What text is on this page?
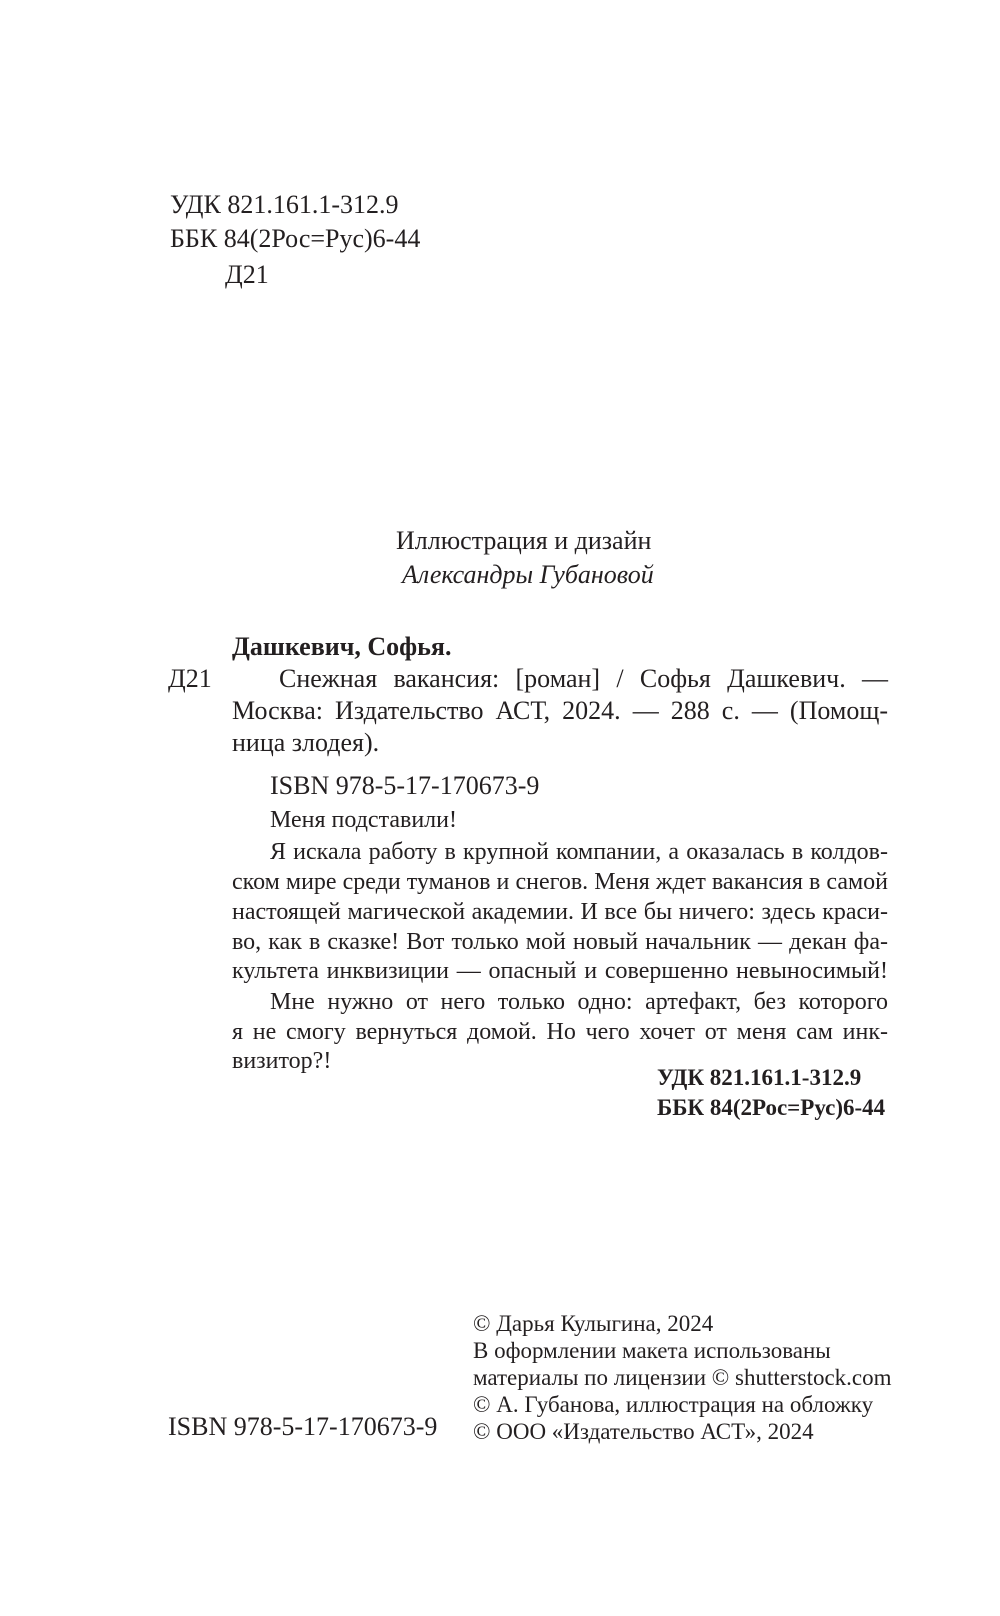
УДК 821.161.1-312.9
ББК 84(2Рос=Рус)6-44
Д21
Иллюстрация и дизайн
Александры Губановой
Дашкевич, Софья.
Д21	Снежная вакансия: [роман] / Софья Дашкевич. —
Москва: Издательство АСТ, 2024. — 288 с. — (Помощ-
ница злодея).
ISBN 978-5-17-170673-9
Меня подставили!
Я искала работу в крупной компании, а оказалась в колдов-
ском мире среди туманов и снегов. Меня ждет вакансия в самой
настоящей магической академии. И все бы ничего: здесь краси-
во, как в сказке! Вот только мой новый начальник — декан фа-
культета инквизиции — опасный и совершенно невыносимый!
Мне нужно от него только одно: артефакт, без которого
я не смогу вернуться домой. Но чего хочет от меня сам инк-
визитор?!
УДК 821.161.1-312.9
ББК 84(2Рос=Рус)6-44
ISBN 978-5-17-170673-9
© Дарья Кулыгина, 2024
В оформлении макета использованы
материалы по лицензии © shutterstock.com
© А. Губанова, иллюстрация на обложку
© ООО «Издательство АСТ», 2024
